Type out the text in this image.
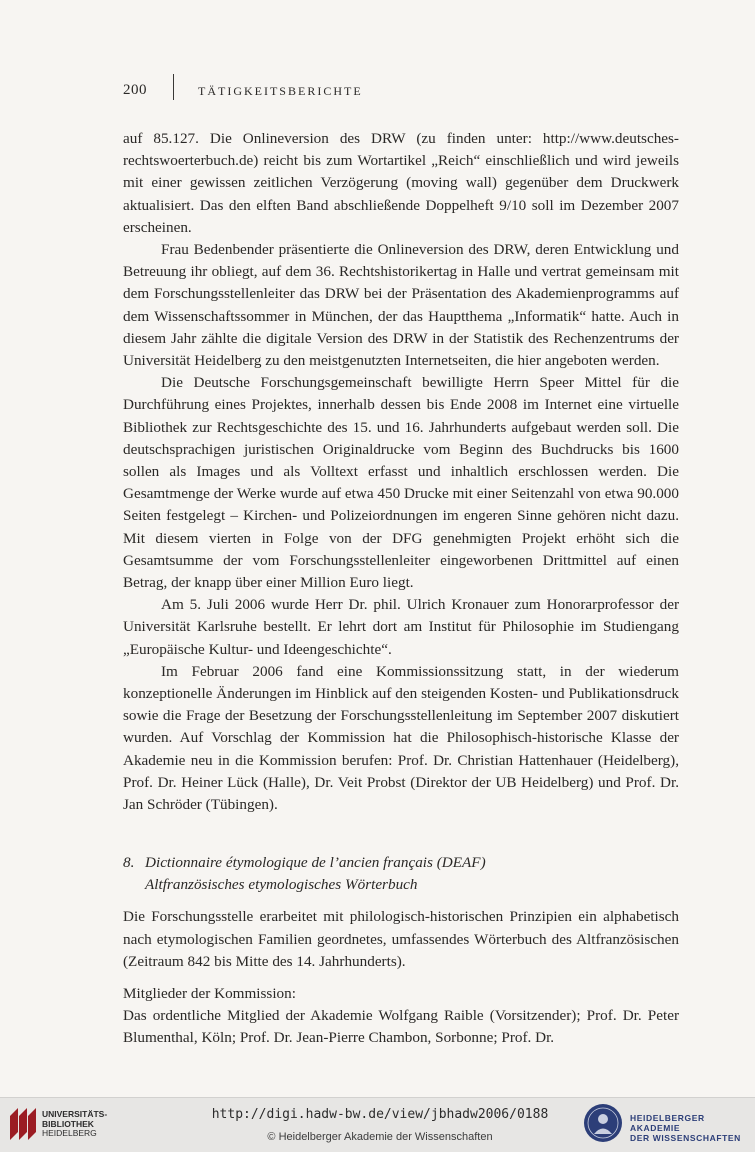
200	TÄTIGKEITSBERICHTE

auf 85.127. Die Onlineversion des DRW (zu finden unter: http://www.deutsches-rechtswoerterbuch.de) reicht bis zum Wortartikel „Reich“ einschließlich und wird jeweils mit einer gewissen zeitlichen Verzögerung (moving wall) gegenüber dem Druckwerk aktualisiert. Das den elften Band abschließende Doppelheft 9/10 soll im Dezember 2007 erscheinen.

Frau Bedenbender präsentierte die Onlineversion des DRW, deren Entwicklung und Betreuung ihr obliegt, auf dem 36. Rechtshistorikertag in Halle und vertrat gemeinsam mit dem Forschungsstellenleiter das DRW bei der Präsentation des Akademienprogramms auf dem Wissenschaftssommer in München, der das Hauptthema „Informatik“ hatte. Auch in diesem Jahr zählte die digitale Version des DRW in der Statistik des Rechenzentrums der Universität Heidelberg zu den meistgenutzten Internetseiten, die hier angeboten werden.

Die Deutsche Forschungsgemeinschaft bewilligte Herrn Speer Mittel für die Durchführung eines Projektes, innerhalb dessen bis Ende 2008 im Internet eine virtuelle Bibliothek zur Rechtsgeschichte des 15. und 16. Jahrhunderts aufgebaut werden soll. Die deutschsprachigen juristischen Originaldrucke vom Beginn des Buchdrucks bis 1600 sollen als Images und als Volltext erfasst und inhaltlich erschlossen werden. Die Gesamtmenge der Werke wurde auf etwa 450 Drucke mit einer Seitenzahl von etwa 90.000 Seiten festgelegt – Kirchen- und Polizeiordnungen im engeren Sinne gehören nicht dazu. Mit diesem vierten in Folge von der DFG genehmigten Projekt erhöht sich die Gesamtsumme der vom Forschungsstellenleiter eingeworbenen Drittmittel auf einen Betrag, der knapp über einer Million Euro liegt.

Am 5. Juli 2006 wurde Herr Dr. phil. Ulrich Kronauer zum Honorarprofessor der Universität Karlsruhe bestellt. Er lehrt dort am Institut für Philosophie im Studiengang „Europäische Kultur- und Ideengeschichte“.

Im Februar 2006 fand eine Kommissionssitzung statt, in der wiederum konzeptionelle Änderungen im Hinblick auf den steigenden Kosten- und Publikationsdruck sowie die Frage der Besetzung der Forschungsstellenleitung im September 2007 diskutiert wurden. Auf Vorschlag der Kommission hat die Philosophisch-historische Klasse der Akademie neu in die Kommission berufen: Prof. Dr. Christian Hattenhauer (Heidelberg), Prof. Dr. Heiner Lück (Halle), Dr. Veit Probst (Direktor der UB Heidelberg) und Prof. Dr. Jan Schröder (Tübingen).

8. Dictionnaire étymologique de l’ancien français (DEAF)
Altfranzösisches etymologisches Wörterbuch

Die Forschungsstelle erarbeitet mit philologisch-historischen Prinzipien ein alphabetisch nach etymologischen Familien geordnetes, umfassendes Wörterbuch des Altfranzösischen (Zeitraum 842 bis Mitte des 14. Jahrhunderts).

Mitglieder der Kommission:

Das ordentliche Mitglied der Akademie Wolfgang Raible (Vorsitzender); Prof. Dr. Peter Blumenthal, Köln; Prof. Dr. Jean-Pierre Chambon, Sorbonne; Prof. Dr.

UNIVERSITÄTS-
BIBLIOTHEK
HEIDELBERG
http://digi.hadw-bw.de/view/jbhadw2006/0188
© Heidelberger Akademie der Wissenschaften
HEIDELBERGER AKADEMIE
DER WISSENSCHAFTEN
